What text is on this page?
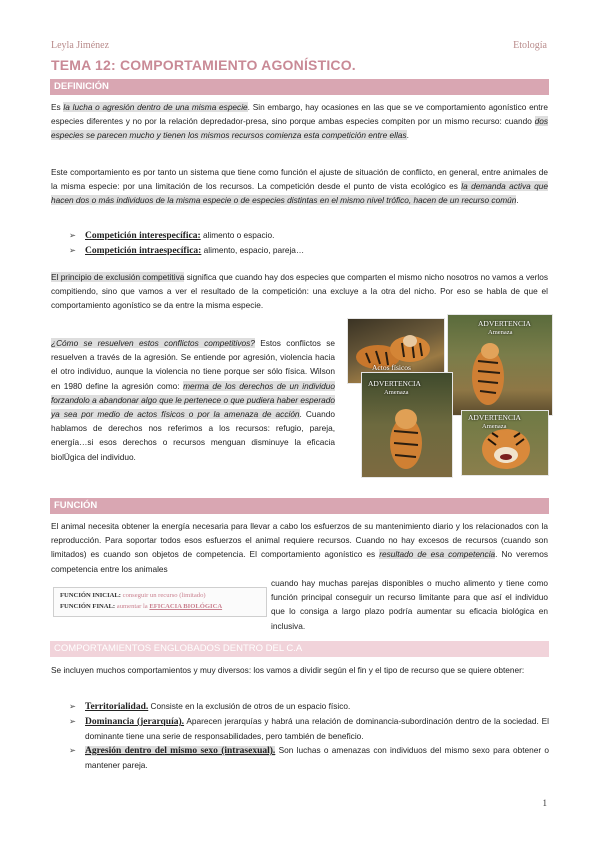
Leyla Jiménez	Etología
TEMA 12: COMPORTAMIENTO AGONÍSTICO.
DEFINICIÓN
Es la lucha o agresión dentro de una misma especie. Sin embargo, hay ocasiones en las que se ve comportamiento agonístico entre especies diferentes y no por la relación depredador-presa, sino porque ambas especies compiten por un mismo recurso: cuando dos especies se parecen mucho y tienen los mismos recursos comienza esta competición entre ellas.
Este comportamiento es por tanto un sistema que tiene como función el ajuste de situación de conflicto, en general, entre animales de la misma especie: por una limitación de los recursos. La competición desde el punto de vista ecológico es la demanda activa que hacen dos o más individuos de la misma especie o de especies distintas en el mismo nivel trófico, hacen de un recurso común.
➢ Competición interespecífica: alimento o espacio.
➢ Competición intraespecífica: alimento, espacio, pareja…
El principio de exclusión competitiva significa que cuando hay dos especies que comparten el mismo nicho nosotros no vamos a verlos compitiendo, sino que vamos a ver el resultado de la competición: una excluye a la otra del nicho. Por eso se habla de que el comportamiento agonístico se da entre la misma especie.
¿Cómo se resuelven estos conflictos competitivos? Estos conflictos se resuelven a través de la agresión. Se entiende por agresión, violencia hacia el otro individuo, aunque la violencia no tiene porque ser sólo física. Wilson en 1980 define la agresión como: merma de los derechos de un individuo forzandolo a abandonar algo que le pertenece o que pudiera haber esperado ya sea por medio de actos físicos o por la amenaza de acción. Cuando hablamos de derechos nos referimos a los recursos: refugio, pareja, energía…si esos derechos o recursos menguan disminuye la eficacia biolÜgica del individuo.
Actos físicos
ADVERTENCIA
Amenaza
ADVERTENCIA
Amenaza
ADVERTENCIA
Amenaza
FUNCIÓN
El animal necesita obtener la energía necesaria para llevar a cabo los esfuerzos de su mantenimiento diario y los relacionados con la reproducción. Para soportar todos esos esfuerzos el animal requiere recursos. Cuando no hay excesos de recursos (cuando son limitados) es cuando son objetos de competencia. El comportamiento agonístico es resultado de esa competencia. No veremos competencia entre los animales
FUNCIÓN INICIAL: conseguir un recurso (limitado)
FUNCIÓN FINAL: aumentar la EFICACIA BIOLÓGICA
cuando hay muchas parejas disponibles o mucho alimento y tiene como función principal conseguir un recurso limitante para que así el individuo que lo consiga a largo plazo podría aumentar su eficacia biológica en inclusiva.
COMPORTAMIENTOS ENGLOBADOS DENTRO DEL C.A
Se incluyen muchos comportamientos y muy diversos: los vamos a dividir según el fin y el tipo de recurso que se quiere obtener:
➢ Territorialidad. Consiste en la exclusión de otros de un espacio físico.
➢ Dominancia (jerarquía). Aparecen jerarquías y habrá una relación de dominancia-subordinación dentro de la sociedad. El dominante tiene una serie de responsabilidades, pero también de beneficio.
➢ Agresión dentro del mismo sexo (intrasexual). Son luchas o amenazas con individuos del mismo sexo para obtener o mantener pareja.
1
